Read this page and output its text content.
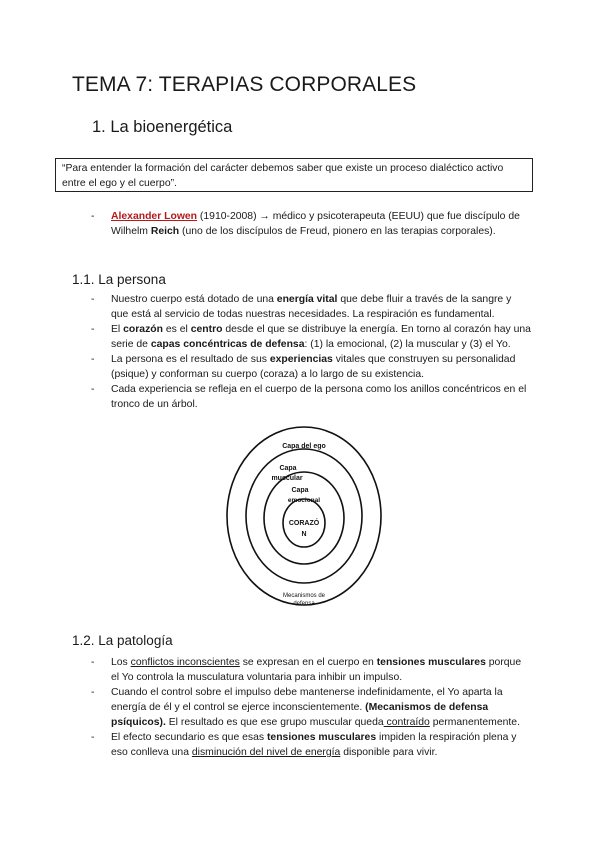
TEMA 7: TERAPIAS CORPORALES
1. La bioenergética
“Para entender la formación del carácter debemos saber que existe un proceso dialéctico activo entre el ego y el cuerpo”.
- Alexander Lowen (1910-2008) → médico y psicoterapeuta (EEUU) que fue discípulo de Wilhelm Reich (uno de los discípulos de Freud, pionero en las terapias corporales).
1.1. La persona
- Nuestro cuerpo está dotado de una energía vital que debe fluir a través de la sangre y que está al servicio de todas nuestras necesidades. La respiración es fundamental.
- El corazón es el centro desde el que se distribuye la energía. En torno al corazón hay una serie de capas concéntricas de defensa: (1) la emocional, (2) la muscular y (3) el Yo.
- La persona es el resultado de sus experiencias vitales que construyen su personalidad (psique) y conforman su cuerpo (coraza) a lo largo de su existencia.
- Cada experiencia se refleja en el cuerpo de la persona como los anillos concéntricos en el tronco de un árbol.
Capa del ego
Capa
muscular
Capa
emocional
CORAZÓ
N
Mecanismos de
defensa
1.2. La patología
- Los conflictos inconscientes se expresan en el cuerpo en tensiones musculares porque el Yo controla la musculatura voluntaria para inhibir un impulso.
- Cuando el control sobre el impulso debe mantenerse indefinidamente, el Yo aparta la energía de él y el control se ejerce inconscientemente. (Mecanismos de defensa psíquicos). El resultado es que ese grupo muscular queda contraído permanentemente.
- El efecto secundario es que esas tensiones musculares impiden la respiración plena y eso conlleva una disminución del nivel de energía disponible para vivir.
